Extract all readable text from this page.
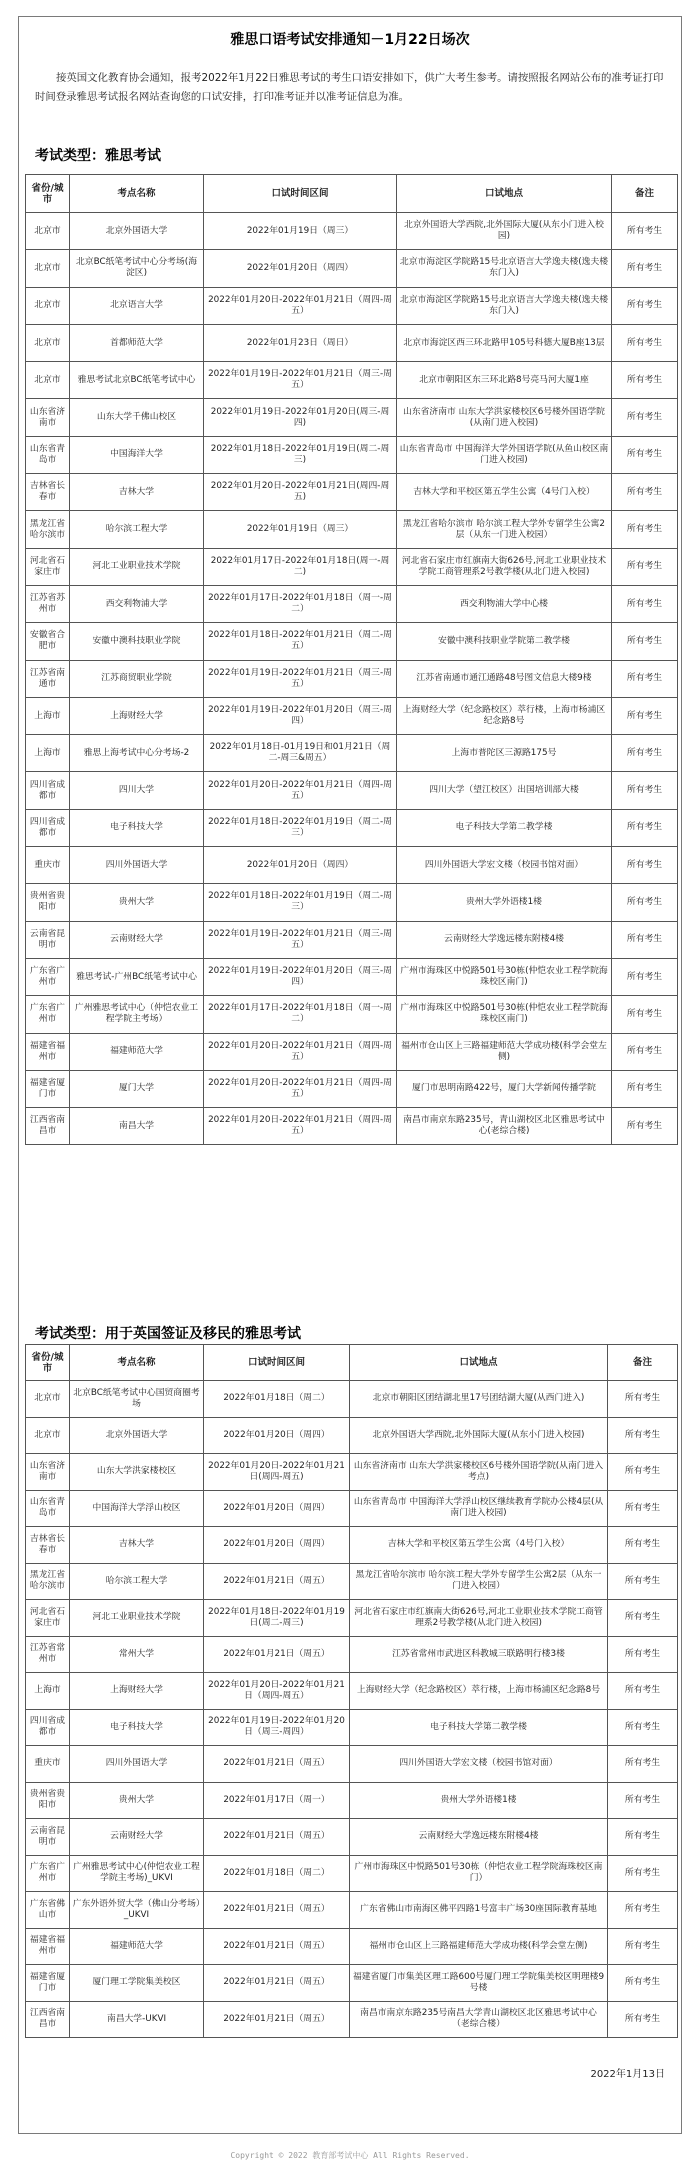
雅思口语考试安排通知－1月22日场次
接英国文化教育协会通知，报考2022年1月22日雅思考试的考生口语安排如下，供广大考生参考。请按照报名网站公布的准考证打印时间登录雅思考试报名网站查询您的口试安排，打印准考证并以准考证信息为准。
考试类型：雅思考试
省份/城市	考点名称	口试时间区间	口试地点	备注
北京市	北京外国语大学	2022年01月19日（周三）	北京外国语大学西院,北外国际大厦(从东小门进入校园)	所有考生
北京市	北京BC纸笔考试中心分考场(海淀区)	2022年01月20日（周四）	北京市海淀区学院路15号北京语言大学逸夫楼(逸夫楼东门入)	所有考生
北京市	北京语言大学	2022年01月20日-2022年01月21日（周四-周五）	北京市海淀区学院路15号北京语言大学逸夫楼(逸夫楼东门入)	所有考生
北京市	首都师范大学	2022年01月23日（周日）	北京市海淀区西三环北路甲105号科德大厦B座13层	所有考生
北京市	雅思考试北京BC纸笔考试中心	2022年01月19日-2022年01月21日（周三-周五）	北京市朝阳区东三环北路8号亮马河大厦1座	所有考生
山东省济南市	山东大学千佛山校区	2022年01月19日-2022年01月20日(周三-周四)	山东省济南市 山东大学洪家楼校区6号楼外国语学院(从南门进入校园)	所有考生
山东省青岛市	中国海洋大学	2022年01月18日-2022年01月19日(周二-周三)	山东省青岛市 中国海洋大学外国语学院(从鱼山校区南门进入校园)	所有考生
吉林省长春市	吉林大学	2022年01月20日-2022年01月21日(周四-周五)	吉林大学和平校区第五学生公寓（4号门入校）	所有考生
黑龙江省哈尔滨市	哈尔滨工程大学	2022年01月19日（周三）	黑龙江省哈尔滨市 哈尔滨工程大学外专留学生公寓2层（从东一门进入校园）	所有考生
河北省石家庄市	河北工业职业技术学院	2022年01月17日-2022年01月18日(周一-周二)	河北省石家庄市红旗南大街626号,河北工业职业技术学院工商管理系2号教学楼(从北门进入校园)	所有考生
江苏省苏州市	西交利物浦大学	2022年01月17日-2022年01月18日（周一-周二）	西交利物浦大学中心楼	所有考生
安徽省合肥市	安徽中澳科技职业学院	2022年01月18日-2022年01月21日（周二-周五）	安徽中澳科技职业学院第二教学楼	所有考生
江苏省南通市	江苏商贸职业学院	2022年01月19日-2022年01月21日（周三-周五）	江苏省南通市通江通路48号图文信息大楼9楼	所有考生
上海市	上海财经大学	2022年01月19日-2022年01月20日（周三-周四）	上海财经大学（纪念路校区）萃行楼，上海市杨浦区纪念路8号	所有考生
上海市	雅思上海考试中心分考场-2	2022年01月18日-01月19日和01月21日（周二-周三&周五）	上海市普陀区三源路175号	所有考生
四川省成都市	四川大学	2022年01月20日-2022年01月21日（周四-周五）	四川大学（望江校区）出国培训部大楼	所有考生
四川省成都市	电子科技大学	2022年01月18日-2022年01月19日（周二-周三）	电子科技大学第二教学楼	所有考生
重庆市	四川外国语大学	2022年01月20日（周四）	四川外国语大学宏文楼（校园书馆对面）	所有考生
贵州省贵阳市	贵州大学	2022年01月18日-2022年01月19日（周二-周三）	贵州大学外语楼1楼	所有考生
云南省昆明市	云南财经大学	2022年01月19日-2022年01月21日（周三-周五）	云南财经大学逸远楼东附楼4楼	所有考生
广东省广州市	雅思考试-广州BC纸笔考试中心	2022年01月19日-2022年01月20日（周三-周四）	广州市海珠区中悦路501号30栋(仲恺农业工程学院海珠校区南门)	所有考生
广东省广州市	广州雅思考试中心（仲恺农业工程学院主考场）	2022年01月17日-2022年01月18日（周一-周二）	广州市海珠区中悦路501号30栋(仲恺农业工程学院海珠校区南门)	所有考生
福建省福州市	福建师范大学	2022年01月20日-2022年01月21日（周四-周五）	福州市仓山区上三路福建师范大学成功楼(科学会堂左侧)	所有考生
福建省厦门市	厦门大学	2022年01月20日-2022年01月21日（周四-周五）	厦门市思明南路422号，厦门大学新闻传播学院	所有考生
江西省南昌市	南昌大学	2022年01月20日-2022年01月21日（周四-周五）	南昌市南京东路235号，青山湖校区北区雅思考试中心(老综合楼)	所有考生
考试类型：用于英国签证及移民的雅思考试
省份/城市	考点名称	口试时间区间	口试地点	备注
北京市	北京BC纸笔考试中心国贸商圈考场	2022年01月18日（周二）	北京市朝阳区团结湖北里17号团结湖大厦(从西门进入)	所有考生
北京市	北京外国语大学	2022年01月20日（周四）	北京外国语大学西院,北外国际大厦(从东小门进入校园)	所有考生
山东省济南市	山东大学洪家楼校区	2022年01月20日-2022年01月21日(周四-周五)	山东省济南市 山东大学洪家楼校区6号楼外国语学院(从南门进入考点)	所有考生
山东省青岛市	中国海洋大学浮山校区	2022年01月20日（周四）	山东省青岛市 中国海洋大学浮山校区继续教育学院办公楼4层(从南门进入校园)	所有考生
吉林省长春市	吉林大学	2022年01月20日（周四）	吉林大学和平校区第五学生公寓（4号门入校）	所有考生
黑龙江省哈尔滨市	哈尔滨工程大学	2022年01月21日（周五）	黑龙江省哈尔滨市 哈尔滨工程大学外专留学生公寓2层（从东一门进入校园）	所有考生
河北省石家庄市	河北工业职业技术学院	2022年01月18日-2022年01月19日(周二-周三)	河北省石家庄市红旗南大街626号,河北工业职业技术学院工商管理系2号教学楼(从北门进入校园)	所有考生
江苏省常州市	常州大学	2022年01月21日（周五）	江苏省常州市武进区科教城三联路明行楼3楼	所有考生
上海市	上海财经大学	2022年01月20日-2022年01月21日（周四-周五）	上海财经大学（纪念路校区）萃行楼，上海市杨浦区纪念路8号	所有考生
四川省成都市	电子科技大学	2022年01月19日-2022年01月20日（周三-周四）	电子科技大学第二教学楼	所有考生
重庆市	四川外国语大学	2022年01月21日（周五）	四川外国语大学宏文楼（校园书馆对面）	所有考生
贵州省贵阳市	贵州大学	2022年01月17日（周一）	贵州大学外语楼1楼	所有考生
云南省昆明市	云南财经大学	2022年01月21日（周五）	云南财经大学逸远楼东附楼4楼	所有考生
广东省广州市	广州雅思考试中心(仲恺农业工程学院主考场)_UKVI	2022年01月18日（周二）	广州市海珠区中悦路501号30栋（仲恺农业工程学院海珠校区南门）	所有考生
广东省佛山市	广东外语外贸大学（佛山分考场）_UKVI	2022年01月21日（周五）	广东省佛山市南海区佛平四路1号富丰广场30座国际教育基地	所有考生
福建省福州市	福建师范大学	2022年01月21日（周五）	福州市仓山区上三路福建师范大学成功楼(科学会堂左侧)	所有考生
福建省厦门市	厦门理工学院集美校区	2022年01月21日（周五）	福建省厦门市集美区理工路600号厦门理工学院集美校区明理楼9号楼	所有考生
江西省南昌市	南昌大学-UKVI	2022年01月21日（周五）	南昌市南京东路235号南昌大学青山湖校区北区雅思考试中心（老综合楼）	所有考生
2022年1月13日
Copyright © 2022 教育部考试中心 All Rights Reserved.
